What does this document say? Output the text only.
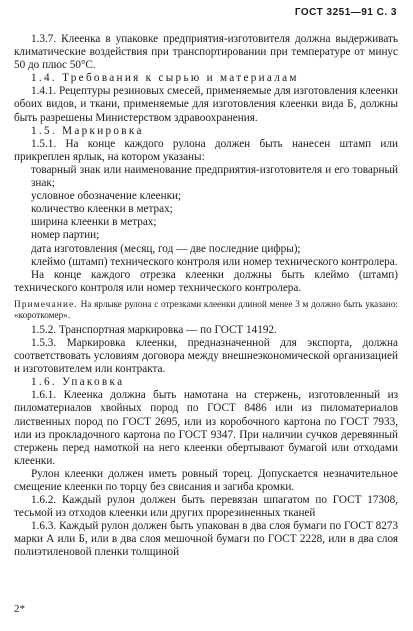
ГОСТ 3251—91 С. 3

1.3.7. Клеенка в упаковке предприятия-изготовителя должна выдерживать климатические воздействия при транспортировании при температуре от минус 50 до плюс 50°С.

1.4. Требования к сырью и материалам

1.4.1. Рецептуры резиновых смесей, применяемые для изготовления клеенки обоих видов, и ткани, применяемые для изготовления клеенки вида Б, должны быть разрешены Министерством здравоохранения.

1.5. Маркировка

1.5.1. На конце каждого рулона должен быть нанесен штамп или прикреплен ярлык, на котором указаны:

товарный знак или наименование предприятия-изготовителя и его товарный знак;

условное обозначение клеенки;

количество клеенки в метрах;

ширина клеенки в метрах;

номер партии;

дата изготовления (месяц, год — две последние цифры);

клеймо (штамп) технического контроля или номер технического контролера.

На конце каждого отрезка клеенки должны быть клеймо (штамп) технического контроля или номер технического контролера.

Примечание. На ярлыке рулона с отрезками клеенки длиной менее 3 м должно быть указано: «короткомер».

1.5.2. Транспортная маркировка — по ГОСТ 14192.

1.5.3. Маркировка клеенки, предназначенной для экспорта, должна соответствовать условиям договора между внешнеэкономической организацией и изготовителем или контракта.

1.6. Упаковка

1.6.1. Клеенка должна быть намотана на стержень, изготовленный из пиломатериалов хвойных пород по ГОСТ 8486 или из пиломатериалов лиственных пород по ГОСТ 2695, или из коробочного картона по ГОСТ 7933, или из прокладочного картона по ГОСТ 9347. При наличии сучков деревянный стержень перед намоткой на него клеенки обертывают бумагой или отходами клеенки.

Рулон клеенки должен иметь ровный торец. Допускается незначительное смещение клеенки по торцу без свисания и загиба кромки.

1.6.2. Каждый рулон должен быть перевязан шпагатом по ГОСТ 17308, тесьмой из отходов клеенки или других прорезиненных тканей

1.6.3. Каждый рулон должен быть упакован в два слоя бумаги по ГОСТ 8273 марки А или Б, или в два слоя мешочной бумаги по ГОСТ 2228, или в два слоя полиэтиленовой пленки толщиной

2*
